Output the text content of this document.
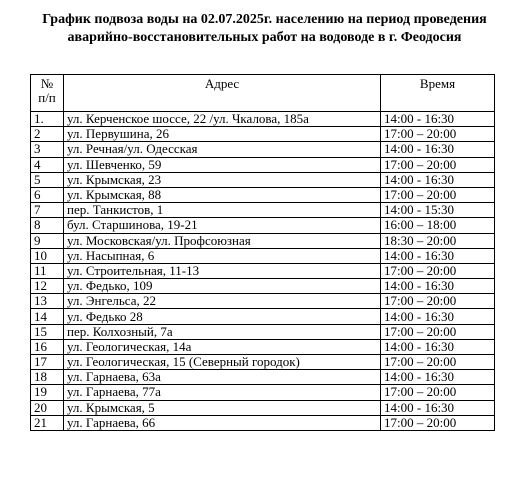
График подвоза воды на 02.07.2025г. населению на период проведения
аварийно-восстановительных работ на водоводе в г. Феодосия
№
п/п	Адрес	Время
1.	ул. Керченское шоссе, 22 /ул. Чкалова, 185а	14:00 - 16:30
2	ул. Первушина, 26	17:00 – 20:00
3	ул. Речная/ул. Одесская	14:00 - 16:30
4	ул. Шевченко, 59	17:00 – 20:00
5	ул. Крымская, 23	14:00 - 16:30
6	ул. Крымская, 88	17:00 – 20:00
7	пер. Танкистов, 1	14:00 - 15:30
8	бул. Старшинова, 19-21	16:00 – 18:00
9	ул. Московская/ул. Профсоюзная	18:30 – 20:00
10	ул. Насыпная, 6	14:00 - 16:30
11	ул. Строительная, 11-13	17:00 – 20:00
12	ул. Федько, 109	14:00 - 16:30
13	ул. Энгельса, 22	17:00 – 20:00
14	ул. Федько 28	14:00 - 16:30
15	пер. Колхозный, 7а	17:00 – 20:00
16	ул. Геологическая, 14а	14:00 - 16:30
17	ул. Геологическая, 15 (Северный городок)	17:00 – 20:00
18	ул. Гарнаева, 63а	14:00 - 16:30
19	ул. Гарнаева, 77а	17:00 – 20:00
20	ул. Крымская, 5	14:00 - 16:30
21	ул. Гарнаева, 66	17:00 – 20:00
